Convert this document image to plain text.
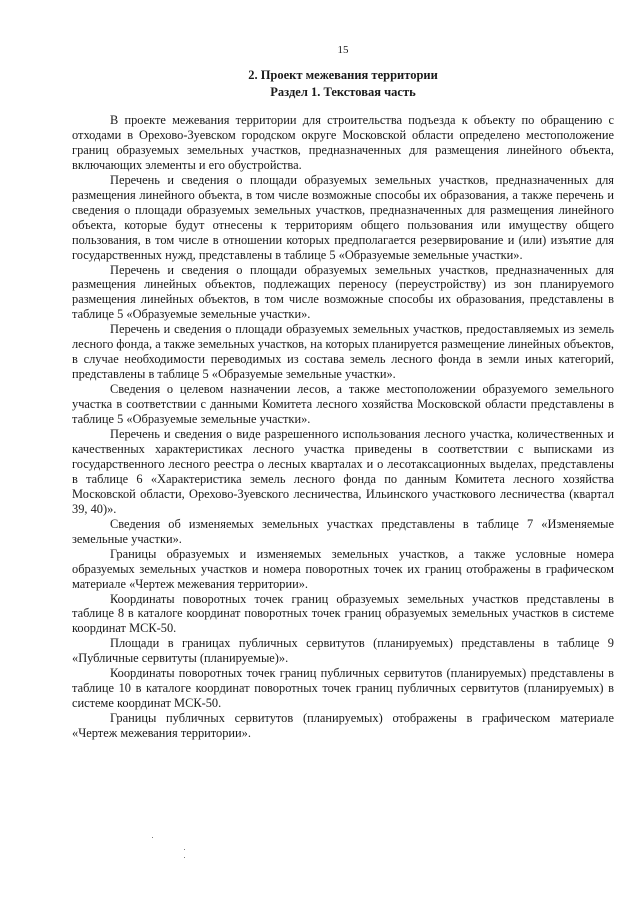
15
2. Проект межевания территории
Раздел 1. Текстовая часть

В проекте межевания территории для строительства подъезда к объекту по обращению с отходами в Орехово-Зуевском городском округе Московской области определено местоположение границ образуемых земельных участков, предназначенных для размещения линейного объекта, включающих элементы и его обустройства.

Перечень и сведения о площади образуемых земельных участков, предназначенных для размещения линейного объекта, в том числе возможные способы их образования, а также перечень и сведения о площади образуемых земельных участков, предназначенных для размещения линейного объекта, которые будут отнесены к территориям общего пользования или имуществу общего пользования, в том числе в отношении которых предполагается резервирование и (или) изъятие для государственных нужд, представлены в таблице 5 «Образуемые земельные участки».

Перечень и сведения о площади образуемых земельных участков, предназначенных для размещения линейных объектов, подлежащих переносу (переустройству) из зон планируемого размещения линейных объектов, в том числе возможные способы их образования, представлены в таблице 5 «Образуемые земельные участки».

Перечень и сведения о площади образуемых земельных участков, предоставляемых из земель лесного фонда, а также земельных участков, на которых планируется размещение линейных объектов, в случае необходимости переводимых из состава земель лесного фонда в земли иных категорий, представлены в таблице 5 «Образуемые земельные участки».

Сведения о целевом назначении лесов, а также местоположении образуемого земельного участка в соответствии с данными Комитета лесного хозяйства Московской области представлены в таблице 5 «Образуемые земельные участки».

Перечень и сведения о виде разрешенного использования лесного участка, количественных и качественных характеристиках лесного участка приведены в соответствии с выписками из государственного лесного реестра о лесных кварталах и о лесотаксационных выделах, представлены в таблице 6 «Характеристика земель лесного фонда по данным Комитета лесного хозяйства Московской области, Орехово-Зуевского лесничества, Ильинского участкового лесничества (квартал 39, 40)».

Сведения об изменяемых земельных участках представлены в таблице 7 «Изменяемые земельные участки».

Границы образуемых и изменяемых земельных участков, а также условные номера образуемых земельных участков и номера поворотных точек их границ отображены в графическом материале «Чертеж межевания территории».

Координаты поворотных точек границ образуемых земельных участков представлены в таблице 8 в каталоге координат поворотных точек границ образуемых земельных участков в системе координат МСК-50.

Площади в границах публичных сервитутов (планируемых) представлены в таблице 9 «Публичные сервитуты (планируемые)».

Координаты поворотных точек границ публичных сервитутов (планируемых) представлены в таблице 10 в каталоге координат поворотных точек границ публичных сервитутов (планируемых) в системе координат МСК-50.

Границы публичных сервитутов (планируемых) отображены в графическом материале «Чертеж межевания территории».
